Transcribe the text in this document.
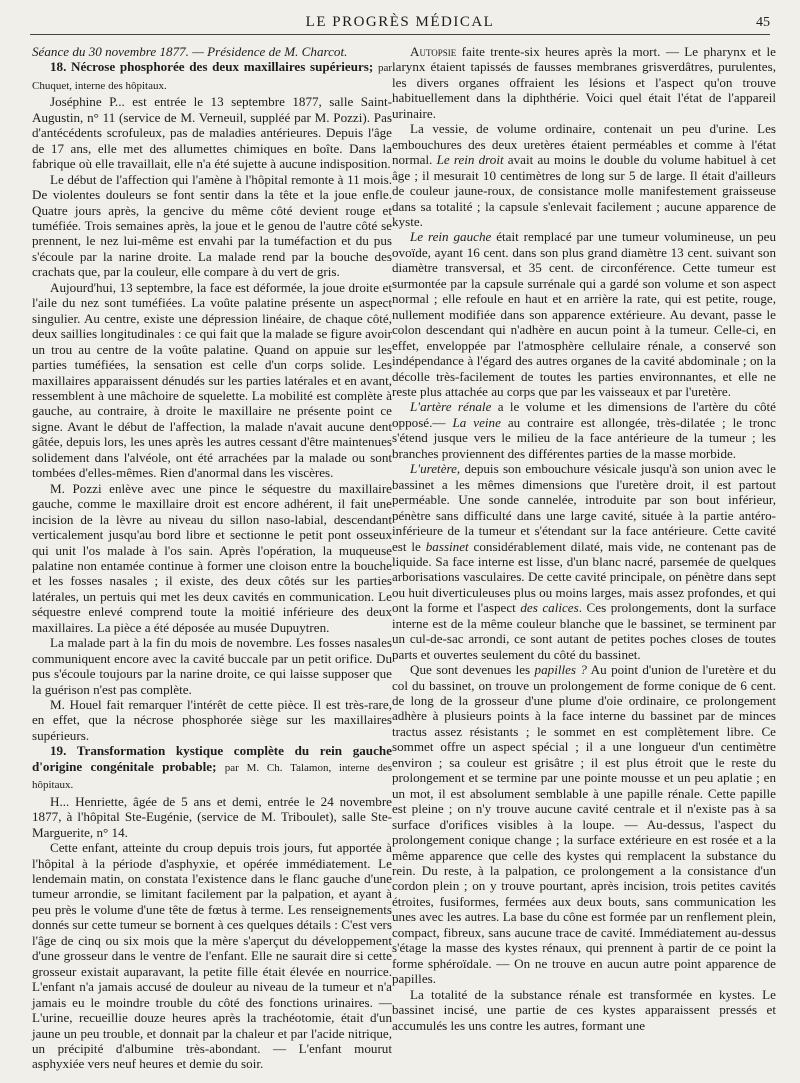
LE PROGRÈS MÉDICAL	45

Séance du 30 novembre 1877. — Présidence de M. Charcot.

18. Nécrose phosphorée des deux maxillaires supérieurs; par Chuquet, interne des hôpitaux.

Joséphine P... est entrée le 13 septembre 1877, salle Saint-Augustin, n° 11 (service de M. Verneuil, suppléé par M. Pozzi). Pas d'antécédents scrofuleux, pas de maladies antérieures. Depuis l'âge de 17 ans, elle met des allumettes chimiques en boîte. Dans la fabrique où elle travaillait, elle n'a été sujette à aucune indisposition.

Le début de l'affection qui l'amène à l'hôpital remonte à 11 mois. De violentes douleurs se font sentir dans la tête et la joue enfle. Quatre jours après, la gencive du même côté devient rouge et tuméfiée. Trois semaines après, la joue et le genou de l'autre côté se prennent, le nez lui-même est envahi par la tuméfaction et du pus s'écoule par la narine droite. La malade rend par la bouche des crachats que, par la couleur, elle compare à du vert de gris.

Aujourd'hui, 13 septembre, la face est déformée, la joue droite et l'aile du nez sont tuméfiées. La voûte palatine présente un aspect singulier. Au centre, existe une dépression linéaire, de chaque côté, deux saillies longitudinales : ce qui fait que la malade se figure avoir un trou au centre de la voûte palatine. Quand on appuie sur les parties tuméfiées, la sensation est celle d'un corps solide. Les maxillaires apparaissent dénudés sur les parties latérales et en avant, ressemblent à une mâchoire de squelette. La mobilité est complète à gauche, au contraire, à droite le maxillaire ne présente point ce signe. Avant le début de l'affection, la malade n'avait aucune dent gâtée, depuis lors, les unes après les autres cessant d'être maintenues solidement dans l'alvéole, ont été arrachées par la malade ou sont tombées d'elles-mêmes. Rien d'anormal dans les viscères.

M. Pozzi enlève avec une pince le séquestre du maxillaire gauche, comme le maxillaire droit est encore adhérent, il fait une incision de la lèvre au niveau du sillon naso-labial, descendant verticalement jusqu'au bord libre et sectionne le petit pont osseux qui unit l'os malade à l'os sain. Après l'opération, la muqueuse palatine non entamée continue à former une cloison entre la bouche et les fosses nasales ; il existe, des deux côtés sur les parties latérales, un pertuis qui met les deux cavités en communication. Le séquestre enlevé comprend toute la moitié inférieure des deux maxillaires. La pièce a été déposée au musée Dupuytren.

La malade part à la fin du mois de novembre. Les fosses nasales communiquent encore avec la cavité buccale par un petit orifice. Du pus s'écoule toujours par la narine droite, ce qui laisse supposer que la guérison n'est pas complète.

M. Houel fait remarquer l'intérêt de cette pièce. Il est très-rare, en effet, que la nécrose phosphorée siège sur les maxillaires supérieurs.

19. Transformation kystique complète du rein gauche d'origine congénitale probable; par M. Ch. Talamon, interne des hôpitaux.

H... Henriette, âgée de 5 ans et demi, entrée le 24 novembre 1877, à l'hôpital Ste-Eugénie, (service de M. Triboulet), salle Ste-Marguerite, n° 14.

Cette enfant, atteinte du croup depuis trois jours, fut apportée à l'hôpital à la période d'asphyxie, et opérée immédiatement. Le lendemain matin, on constata l'existence dans le flanc gauche d'une tumeur arrondie, se limitant facilement par la palpation, et ayant à peu près le volume d'une tête de fœtus à terme. Les renseignements donnés sur cette tumeur se bornent à ces quelques détails : C'est vers l'âge de cinq ou six mois que la mère s'aperçut du développement d'une grosseur dans le ventre de l'enfant. Elle ne saurait dire si cette grosseur existait auparavant, la petite fille était élevée en nourrice. L'enfant n'a jamais accusé de douleur au niveau de la tumeur et n'a jamais eu le moindre trouble du côté des fonctions urinaires. — L'urine, recueillie douze heures après la trachéotomie, était d'un jaune un peu trouble, et donnait par la chaleur et par l'acide nitrique, un précipité d'albumine très-abondant. — L'enfant mourut asphyxiée vers neuf heures et demie du soir.

Autopsie faite trente-six heures après la mort. — Le pharynx et le larynx étaient tapissés de fausses membranes grisverdâtres, purulentes, les divers organes offraient les lésions et l'aspect qu'on trouve habituellement dans la diphthérie. Voici quel était l'état de l'appareil urinaire.

La vessie, de volume ordinaire, contenait un peu d'urine. Les embouchures des deux uretères étaient perméables et comme à l'état normal. Le rein droit avait au moins le double du volume habituel à cet âge ; il mesurait 10 centimètres de long sur 5 de large. Il était d'ailleurs de couleur jaune-roux, de consistance molle manifestement graisseuse dans sa totalité ; la capsule s'enlevait facilement ; aucune apparence de kyste.

Le rein gauche était remplacé par une tumeur volumineuse, un peu ovoïde, ayant 16 cent. dans son plus grand diamètre 13 cent. suivant son diamètre transversal, et 35 cent. de circonférence. Cette tumeur est surmontée par la capsule surrénale qui a gardé son volume et son aspect normal ; elle refoule en haut et en arrière la rate, qui est petite, rouge, nullement modifiée dans son apparence extérieure. Au devant, passe le colon descendant qui n'adhère en aucun point à la tumeur. Celle-ci, en effet, enveloppée par l'atmosphère cellulaire rénale, a conservé son indépendance à l'égard des autres organes de la cavité abdominale ; on la décolle très-facilement de toutes les parties environnantes, et elle ne reste plus attachée au corps que par les vaisseaux et par l'uretère.

L'artère rénale a le volume et les dimensions de l'artère du côté opposé.— La veine au contraire est allongée, très-dilatée ; le tronc s'étend jusque vers le milieu de la face antérieure de la tumeur ; les branches proviennent des différentes parties de la masse morbide.

L'uretère, depuis son embouchure vésicale jusqu'à son union avec le bassinet a les mêmes dimensions que l'uretère droit, il est partout perméable. Une sonde cannelée, introduite par son bout inférieur, pénètre sans difficulté dans une large cavité, située à la partie antéro-inférieure de la tumeur et s'étendant sur la face antérieure. Cette cavité est le bassinet considérablement dilaté, mais vide, ne contenant pas de liquide. Sa face interne est lisse, d'un blanc nacré, parsemée de quelques arborisations vasculaires. De cette cavité principale, on pénètre dans sept ou huit diverticuleuses plus ou moins larges, mais assez profondes, et qui ont la forme et l'aspect des calices. Ces prolongements, dont la surface interne est de la même couleur blanche que le bassinet, se terminent par un cul-de-sac arrondi, ce sont autant de petites poches closes de toutes parts et ouvertes seulement du côté du bassinet.

Que sont devenues les papilles ? Au point d'union de l'uretère et du col du bassinet, on trouve un prolongement de forme conique de 6 cent. de long de la grosseur d'une plume d'oie ordinaire, ce prolongement adhère à plusieurs points à la face interne du bassinet par de minces tractus assez résistants ; le sommet en est complètement libre. Ce sommet offre un aspect spécial ; il a une longueur d'un centimètre environ ; sa couleur est grisâtre ; il est plus étroit que le reste du prolongement et se termine par une pointe mousse et un peu aplatie ; en un mot, il est absolument semblable à une papille rénale. Cette papille est pleine ; on n'y trouve aucune cavité centrale et il n'existe pas à sa surface d'orifices visibles à la loupe. — Au-dessus, l'aspect du prolongement conique change ; la surface extérieure en est rosée et a la même apparence que celle des kystes qui remplacent la substance du rein. Du reste, à la palpation, ce prolongement a la consistance d'un cordon plein ; on y trouve pourtant, après incision, trois petites cavités étroites, fusiformes, fermées aux deux bouts, sans communication les unes avec les autres. La base du cône est formée par un renflement plein, compact, fibreux, sans aucune trace de cavité. Immédiatement au-dessus s'étage la masse des kystes rénaux, qui prennent à partir de ce point la forme sphéroïdale. — On ne trouve en aucun autre point apparence de papilles.

La totalité de la substance rénale est transformée en kystes. Le bassinet incisé, une partie de ces kystes apparaissent pressés et accumulés les uns contre les autres, formant une
